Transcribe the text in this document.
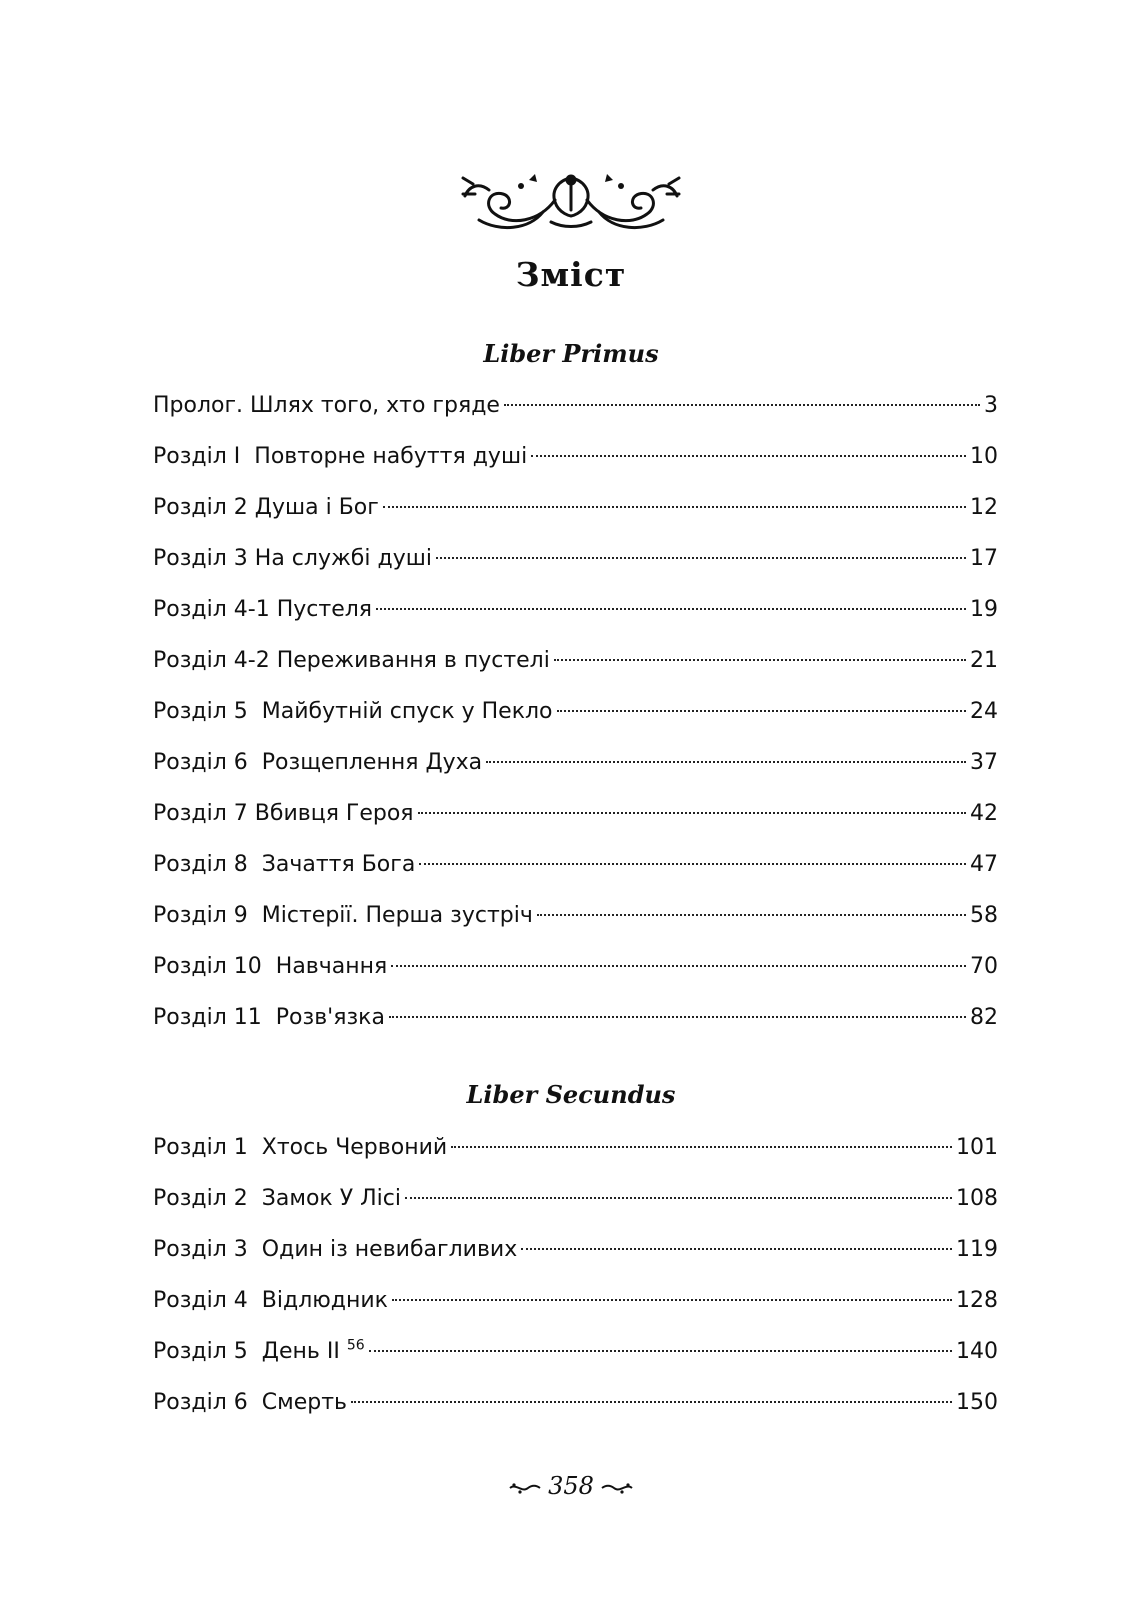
Зміст
Liber Primus
Пролог. Шлях того, хто гряде	3
Розділ I  Повторне набуття душі	10
Розділ 2 Душа і Бог	12
Розділ 3 На службі душі	17
Розділ 4-1 Пустеля	19
Розділ 4-2 Переживання в пустелі	21
Розділ 5  Майбутній спуск у Пекло	24
Розділ 6  Розщеплення Духа	37
Розділ 7 Вбивця Героя	42
Розділ 8  Зачаття Бога	47
Розділ 9  Містерії. Перша зустріч	58
Розділ 10  Навчання	70
Розділ 11  Розв'язка	82
Liber Secundus
Розділ 1  Хтось Червоний	101
Розділ 2  Замок У Лісі	108
Розділ 3  Один із невибагливих	119
Розділ 4  Відлюдник	128
Розділ 5  День II $^{56}$	140
Розділ 6  Смерть	150
358
